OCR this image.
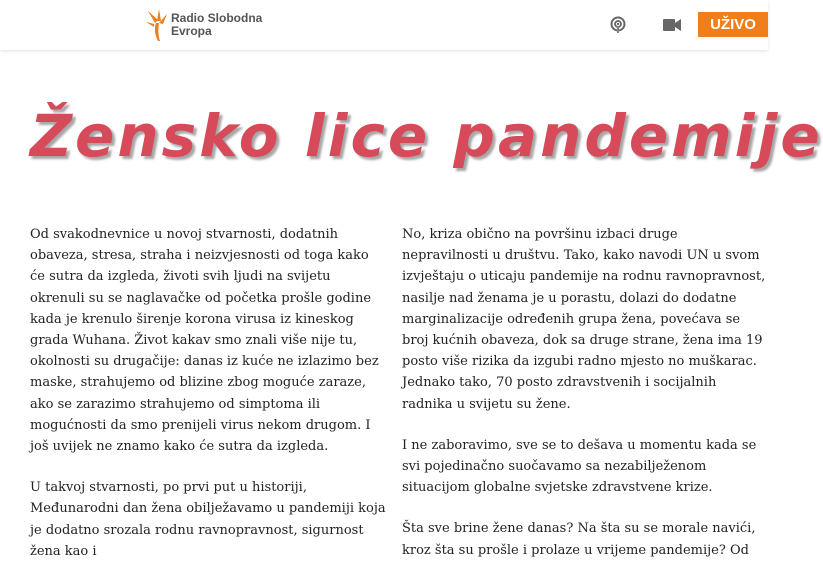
Radio Slobodna
Evropa	UŽIVO
Žensko lice pandemije

Od svakodnevnice u novoj stvarnosti, dodatnih obaveza, stresa, straha i neizvjesnosti od toga kako će sutra da izgleda, životi svih ljudi na svijetu okrenuli su se naglavačke od početka prošle godine kada je krenulo širenje korona virusa iz kineskog grada Wuhana. Život kakav smo znali više nije tu, okolnosti su drugačije: danas iz kuće ne izlazimo bez maske, strahujemo od blizine zbog moguće zaraze, ako se zarazimo strahujemo od simptoma ili mogućnosti da smo prenijeli virus nekom drugom. I još uvijek ne znamo kako će sutra da izgleda.

U takvoj stvarnosti, po prvi put u historiji, Međunarodni dan žena obilježavamo u pandemiji koja je dodatno srozala rodnu ravnopravnost, sigurnost žena kao i

No, kriza obično na površinu izbaci druge nepravilnosti u društvu. Tako, kako navodi UN u svom izvještaju o uticaju pandemije na rodnu ravnopravnost, nasilje nad ženama je u porastu, dolazi do dodatne marginalizacije određenih grupa žena, povećava se broj kućnih obaveza, dok sa druge strane, žena ima 19 posto više rizika da izgubi radno mjesto no muškarac. Jednako tako, 70 posto zdravstvenih i socijalnih radnika u svijetu su žene.

I ne zaboravimo, sve se to dešava u momentu kada se svi pojedinačno suočavamo sa nezabilježenom situacijom globalne svjetske zdravstvene krize.

Šta sve brine žene danas? Na šta su se morale navići, kroz šta su prošle i prolaze u vrijeme pandemije? Od
